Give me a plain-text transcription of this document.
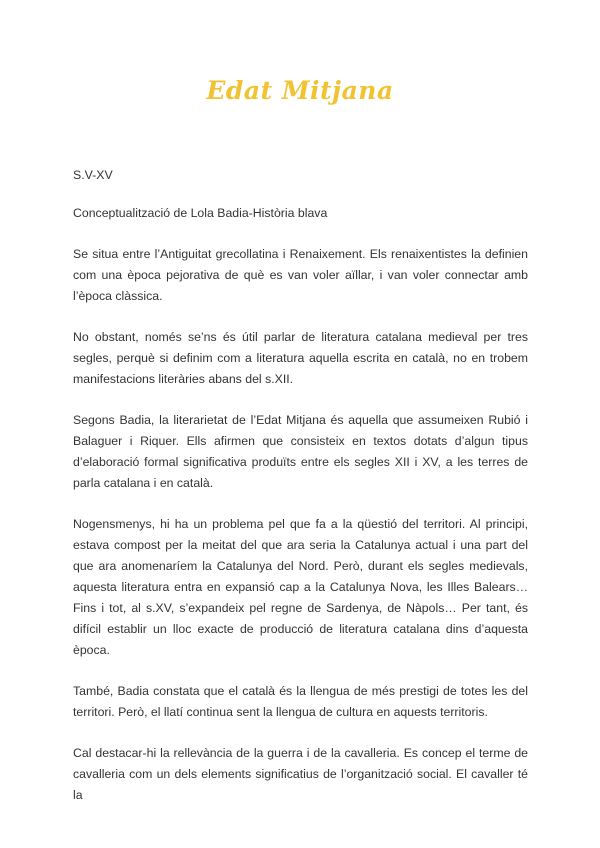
Edat Mitjana

S.V-XV

Conceptualització de Lola Badia-Història blava

Se situa entre l’Antiguitat grecollatina i Renaixement. Els renaixentistes la definien com una època pejorativa de què es van voler aïllar, i van voler connectar amb l’època clàssica.

No obstant, només se’ns és útil parlar de literatura catalana medieval per tres segles, perquè si definim com a literatura aquella escrita en català, no en trobem manifestacions literàries abans del s.XII.

Segons Badia, la literarietat de l’Edat Mitjana és aquella que assumeixen Rubió i Balaguer i Riquer. Ells afirmen que consisteix en textos dotats d’algun tipus d’elaboració formal significativa produïts entre els segles XII i XV, a les terres de parla catalana i en català.

Nogensmenys, hi ha un problema pel que fa a la qüestió del territori. Al principi, estava compost per la meitat del que ara seria la Catalunya actual i una part del que ara anomenaríem la Catalunya del Nord. Però, durant els segles medievals, aquesta literatura entra en expansió cap a la Catalunya Nova, les Illes Balears… Fins i tot, al s.XV, s’expandeix pel regne de Sardenya, de Nàpols… Per tant, és difícil establir un lloc exacte de producció de literatura catalana dins d’aquesta època.

També, Badia constata que el català és la llengua de més prestigi de totes les del territori. Però, el llatí continua sent la llengua de cultura en aquests territoris.

Cal destacar-hi la rellevància de la guerra i de la cavalleria. Es concep el terme de cavalleria com un dels elements significatius de l’organització social. El cavaller té la
